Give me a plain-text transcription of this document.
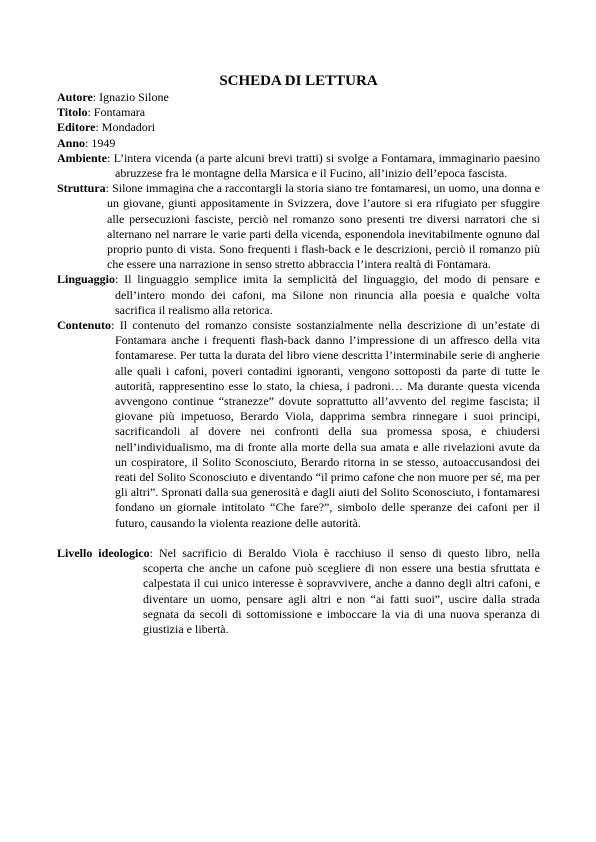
SCHEDA DI LETTURA

Autore: Ignazio Silone

Titolo: Fontamara

Editore: Mondadori

Anno: 1949

Ambiente: L’intera vicenda (a parte alcuni brevi tratti) si svolge a Fontamara, immaginario paesino abruzzese fra le montagne della Marsica e il Fucino, all’inizio dell’epoca fascista.

Struttura: Silone immagina che a raccontargli la storia siano tre fontamaresi, un uomo, una donna e un giovane, giunti appositamente in Svizzera, dove l’autore si era rifugiato per sfuggire alle persecuzioni fasciste, perciò nel romanzo sono presenti tre diversi narratori che si alternano nel narrare le varie parti della vicenda, esponendola inevitabilmente ognuno dal proprio punto di vista. Sono frequenti i flash-back e le descrizioni, perciò il romanzo più che essere una narrazione in senso stretto abbraccia l’intera realtà di Fontamara.

Linguaggio: Il linguaggio semplice imita la semplicità del linguaggio, del modo di pensare e dell’intero mondo dei cafoni, ma Silone non rinuncia alla poesia e qualche volta sacrifica il realismo alla retorica.

Contenuto: Il contenuto del romanzo consiste sostanzialmente nella descrizione di un’estate di Fontamara anche i frequenti flash-back danno l’impressione di un affresco della vita fontamarese. Per tutta la durata del libro viene descritta l’interminabile serie di angherie alle quali i cafoni, poveri contadini ignoranti, vengono sottoposti da parte di tutte le autorità, rappresentino esse lo stato, la chiesa, i padroni… Ma durante questa vicenda avvengono continue “stranezze” dovute soprattutto all’avvento del regime fascista; il giovane più impetuoso, Berardo Viola, dapprima sembra rinnegare i suoi principi, sacrificandoli al dovere nei confronti della sua promessa sposa, e chiudersi nell’individualismo, ma di fronte alla morte della sua amata e alle rivelazioni avute da un cospiratore, il Solito Sconosciuto, Berardo ritorna in se stesso, autoaccusandosi dei reati del Solito Sconosciuto e diventando “il primo cafone che non muore per sé, ma per gli altri”. Spronati dalla sua generosità e dagli aiuti del Solito Sconosciuto, i fontamaresi fondano un giornale intitolato “Che fare?”, simbolo delle speranze dei cafoni per il futuro, causando la violenta reazione delle autorità.

Livello ideologico: Nel sacrificio di Beraldo Viola è racchiuso il senso di questo libro, nella scoperta che anche un cafone può scegliere di non essere una bestia sfruttata e calpestata il cui unico interesse è sopravvivere, anche a danno degli altri cafoni, e diventare un uomo, pensare agli altri e non “ai fatti suoi”, uscire dalla strada segnata da secoli di sottomissione e imboccare la via di una nuova speranza di giustizia e libertà.
